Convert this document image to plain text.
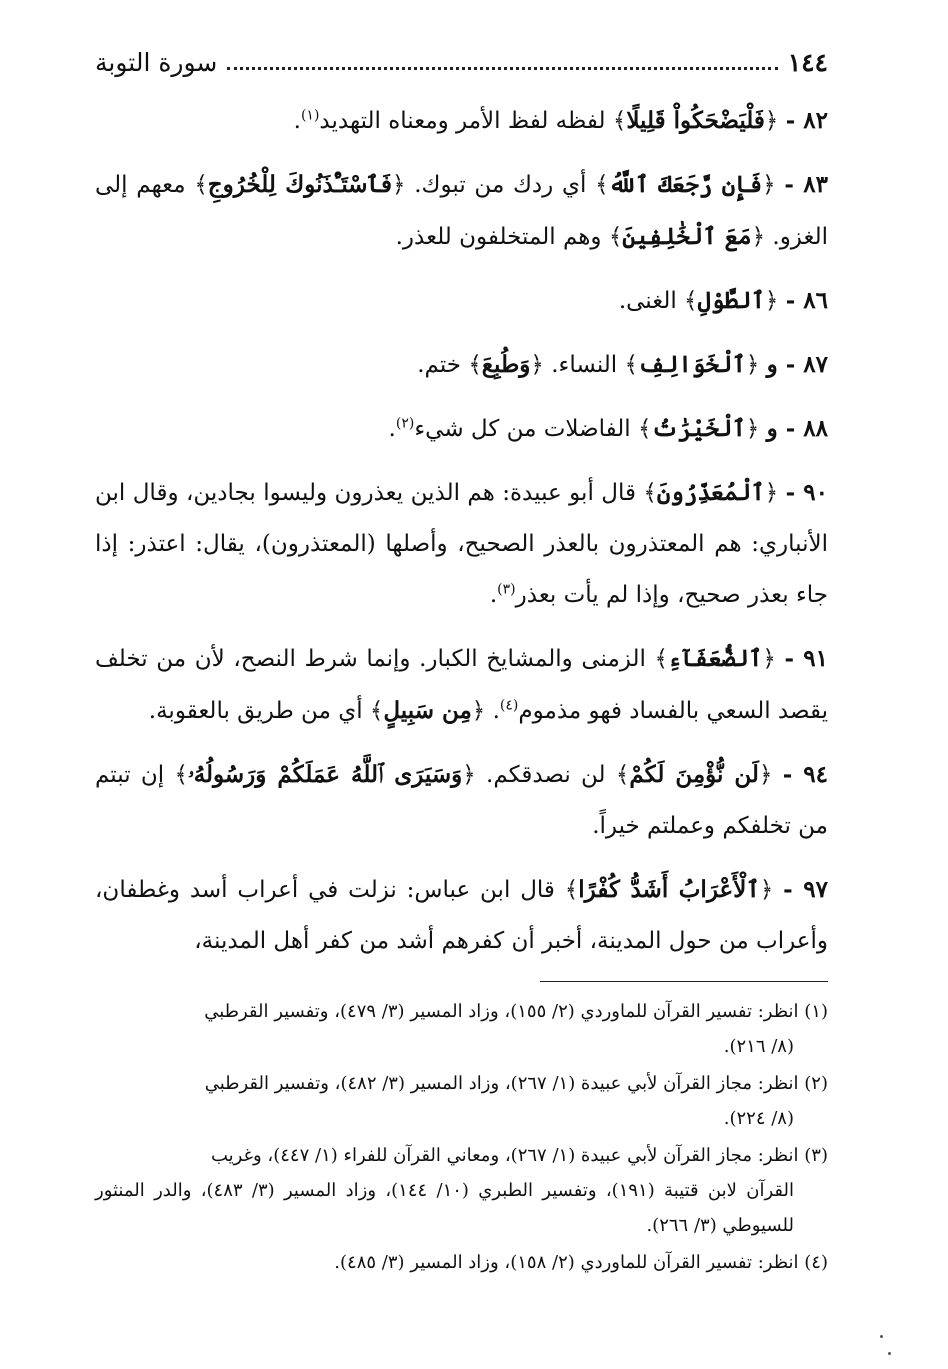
١٤٤
سورة التوبة

٨٢ - ﴿فَلْيَضْحَكُواْ قَلِيلًا﴾ لفظه لفظ الأمر ومعناه التهديد$^{(١)}$.

٨٣ - ﴿فَإِن رَّجَعَكَ ٱللَّهُ﴾ أي ردك من تبوك. ﴿فَٱسْتَـْٔذَنُوكَ لِلْخُرُوجِ﴾ معهم إلى الغزو. ﴿مَعَ ٱلْخَٰلِفِينَ﴾ وهم المتخلفون للعذر.

٨٦ - ﴿ٱلطَّوْلِ﴾ الغنى.

٨٧ - و ﴿ٱلْخَوَالِفِ﴾ النساء. ﴿وَطُبِعَ﴾ ختم.

٨٨ - و ﴿ٱلْخَيْرَٰتُ﴾ الفاضلات من كل شيء$^{(٢)}$.

٩٠ - ﴿ٱلْمُعَذِّرُونَ﴾ قال أبو عبيدة: هم الذين يعذرون وليسوا بجادين، وقال ابن الأنباري: هم المعتذرون بالعذر الصحيح، وأصلها (المعتذرون)، يقال: اعتذر: إذا جاء بعذر صحيح، وإذا لم يأت بعذر$^{(٣)}$.

٩١ - ﴿ٱلضُّعَفَآءِ﴾ الزمنى والمشايخ الكبار. وإنما شرط النصح، لأن من تخلف يقصد السعي بالفساد فهو مذموم$^{(٤)}$. ﴿مِن سَبِيلٍ﴾ أي من طريق بالعقوبة.

٩٤ - ﴿لَن نُّؤْمِنَ لَكُمْ﴾ لن نصدقكم. ﴿وَسَيَرَى ٱللَّهُ عَمَلَكُمْ وَرَسُولُهُۥ﴾ إن تبتم من تخلفكم وعملتم خيراً.

٩٧ - ﴿ٱلْأَعْرَابُ أَشَدُّ كُفْرًا﴾ قال ابن عباس: نزلت في أعراب أسد وغطفان، وأعراب من حول المدينة، أخبر أن كفرهم أشد من كفر أهل المدينة،

(١) انظر: تفسير القرآن للماوردي (٢/ ١٥٥)، وزاد المسير (٣/ ٤٧٩)، وتفسير القرطبي
(٨/ ٢١٦).

(٢) انظر: مجاز القرآن لأبي عبيدة (١/ ٢٦٧)، وزاد المسير (٣/ ٤٨٢)، وتفسير القرطبي
(٨/ ٢٢٤).

(٣) انظر: مجاز القرآن لأبي عبيدة (١/ ٢٦٧)، ومعاني القرآن للفراء (١/ ٤٤٧)، وغريب
القرآن لابن قتيبة (١٩١)، وتفسير الطبري (١٠/ ١٤٤)، وزاد المسير (٣/ ٤٨٣)، والدر المنثور للسيوطي (٣/ ٢٦٦).

(٤) انظر: تفسير القرآن للماوردي (٢/ ١٥٨)، وزاد المسير (٣/ ٤٨٥).
